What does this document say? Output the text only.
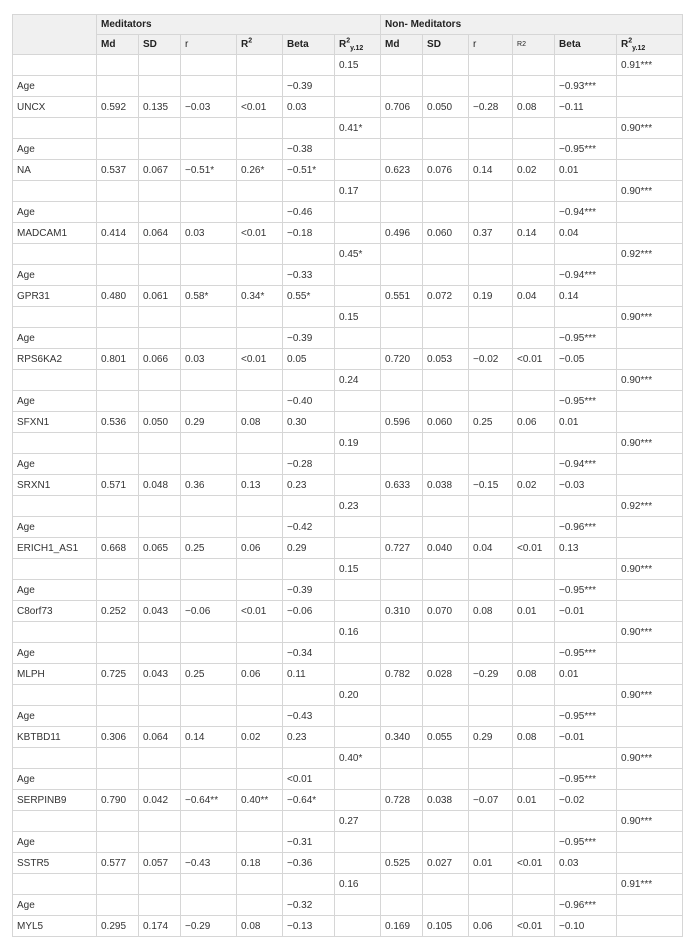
	Meditators						Non- Meditators					
	Md	SD	r	$R^2$	Beta	$R^2_{y.12}$	Md	SD	r	R2	Beta	$R^2_{y.12}$
						0.15						0.91***
Age					−0.39						−0.93***	
UNCX	0.592	0.135	−0.03	<0.01	0.03		0.706	0.050	−0.28	0.08	−0.11	
						0.41*						0.90***
Age					−0.38						−0.95***	
NA	0.537	0.067	−0.51*	0.26*	−0.51*		0.623	0.076	0.14	0.02	0.01	
						0.17						0.90***
Age					−0.46						−0.94***	
MADCAM1	0.414	0.064	0.03	<0.01	−0.18		0.496	0.060	0.37	0.14	0.04	
						0.45*						0.92***
Age					−0.33						−0.94***	
GPR31	0.480	0.061	0.58*	0.34*	0.55*		0.551	0.072	0.19	0.04	0.14	
						0.15						0.90***
Age					−0.39						−0.95***	
RPS6KA2	0.801	0.066	0.03	<0.01	0.05		0.720	0.053	−0.02	<0.01	−0.05	
						0.24						0.90***
Age					−0.40						−0.95***	
SFXN1	0.536	0.050	0.29	0.08	0.30		0.596	0.060	0.25	0.06	0.01	
						0.19						0.90***
Age					−0.28						−0.94***	
SRXN1	0.571	0.048	0.36	0.13	0.23		0.633	0.038	−0.15	0.02	−0.03	
						0.23						0.92***
Age					−0.42						−0.96***	
ERICH1_AS1	0.668	0.065	0.25	0.06	0.29		0.727	0.040	0.04	<0.01	0.13	
						0.15						0.90***
Age					−0.39						−0.95***	
C8orf73	0.252	0.043	−0.06	<0.01	−0.06		0.310	0.070	0.08	0.01	−0.01	
						0.16						0.90***
Age					−0.34						−0.95***	
MLPH	0.725	0.043	0.25	0.06	0.11		0.782	0.028	−0.29	0.08	0.01	
						0.20						0.90***
Age					−0.43						−0.95***	
KBTBD11	0.306	0.064	0.14	0.02	0.23		0.340	0.055	0.29	0.08	−0.01	
						0.40*						0.90***
Age					<0.01						−0.95***	
SERPINB9	0.790	0.042	−0.64**	0.40**	−0.64*		0.728	0.038	−0.07	0.01	−0.02	
						0.27						0.90***
Age					−0.31						−0.95***	
SSTR5	0.577	0.057	−0.43	0.18	−0.36		0.525	0.027	0.01	<0.01	0.03	
						0.16						0.91***
Age					−0.32						−0.96***	
MYL5	0.295	0.174	−0.29	0.08	−0.13		0.169	0.105	0.06	<0.01	−0.10	
